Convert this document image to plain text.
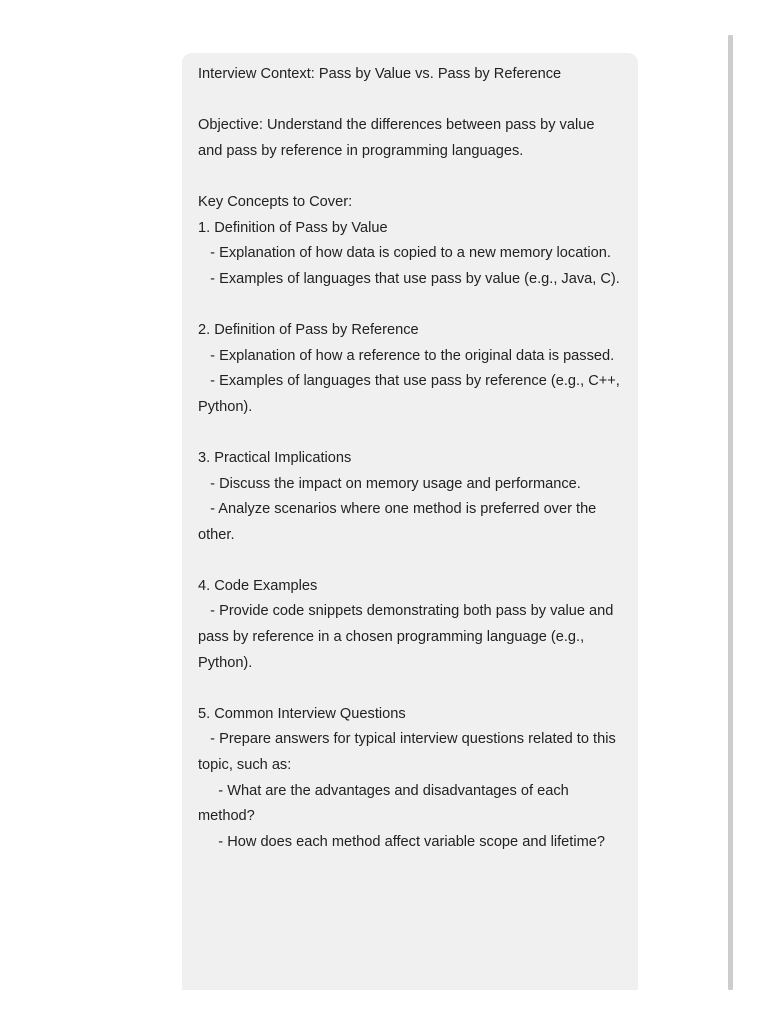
Interview Context: Pass by Value vs. Pass by Reference

Objective: Understand the differences between pass by value and pass by reference in programming languages.

Key Concepts to Cover:
1. Definition of Pass by Value
- Explanation of how data is copied to a new memory location.
- Examples of languages that use pass by value (e.g., Java, C).

2. Definition of Pass by Reference
- Explanation of how a reference to the original data is passed.
- Examples of languages that use pass by reference (e.g., C++, Python).

3. Practical Implications
- Discuss the impact on memory usage and performance.
- Analyze scenarios where one method is preferred over the other.

4. Code Examples
- Provide code snippets demonstrating both pass by value and pass by reference in a chosen programming language (e.g., Python).

5. Common Interview Questions
- Prepare answers for typical interview questions related to this topic, such as:
- What are the advantages and disadvantages of each method?
- How does each method affect variable scope and lifetime?
